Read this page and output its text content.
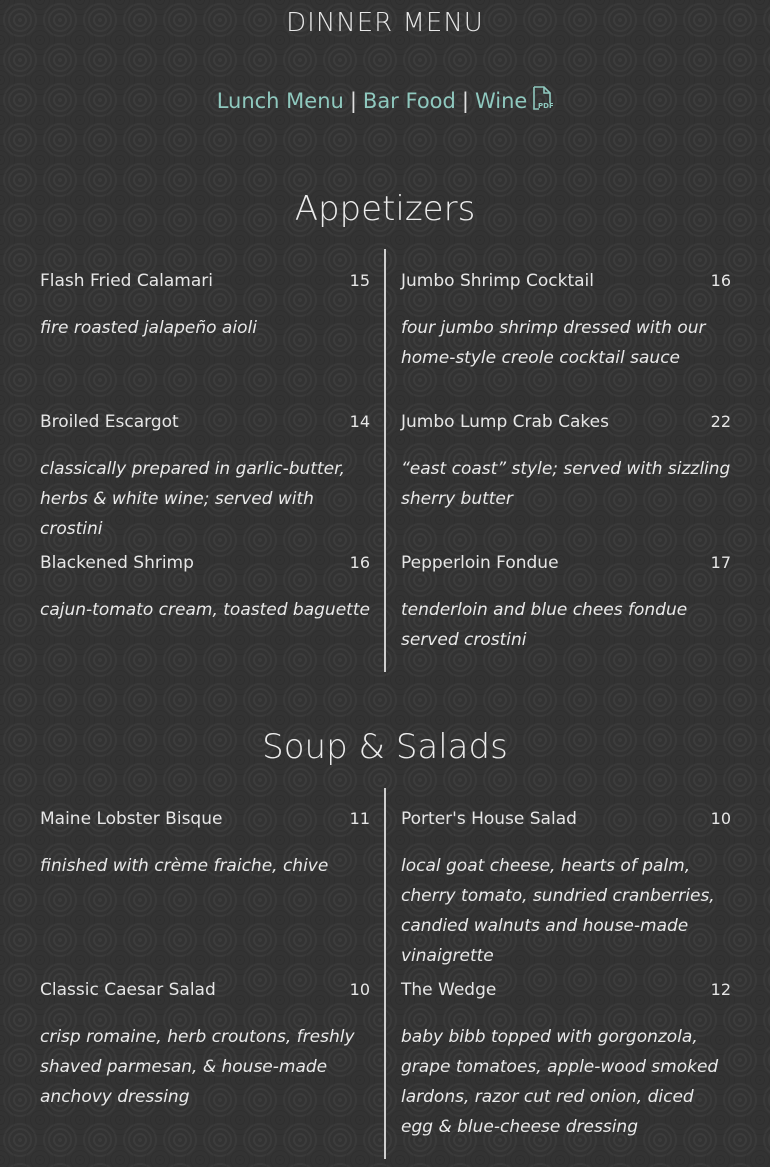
DINNER MENU
Lunch Menu | Bar Food | Wine PDF
Appetizers
Flash Fried Calamari	15
fire roasted jalapeño aioli
Jumbo Shrimp Cocktail	16
four jumbo shrimp dressed with our home-style creole cocktail sauce
Broiled Escargot	14
classically prepared in garlic-butter, herbs & white wine; served with crostini
Jumbo Lump Crab Cakes	22
“east coast” style; served with sizzling sherry butter
Blackened Shrimp	16
cajun-tomato cream, toasted baguette
Pepperloin Fondue	17
tenderloin and blue chees fondue served crostini
Soup & Salads
Maine Lobster Bisque	11
finished with crème fraiche, chive
Porter's House Salad	10
local goat cheese, hearts of palm, cherry tomato, sundried cranberries, candied walnuts and house-made vinaigrette
Classic Caesar Salad	10
crisp romaine, herb croutons, freshly shaved parmesan, & house-made anchovy dressing
The Wedge	12
baby bibb topped with gorgonzola, grape tomatoes, apple-wood smoked lardons, razor cut red onion, diced egg & blue-cheese dressing
